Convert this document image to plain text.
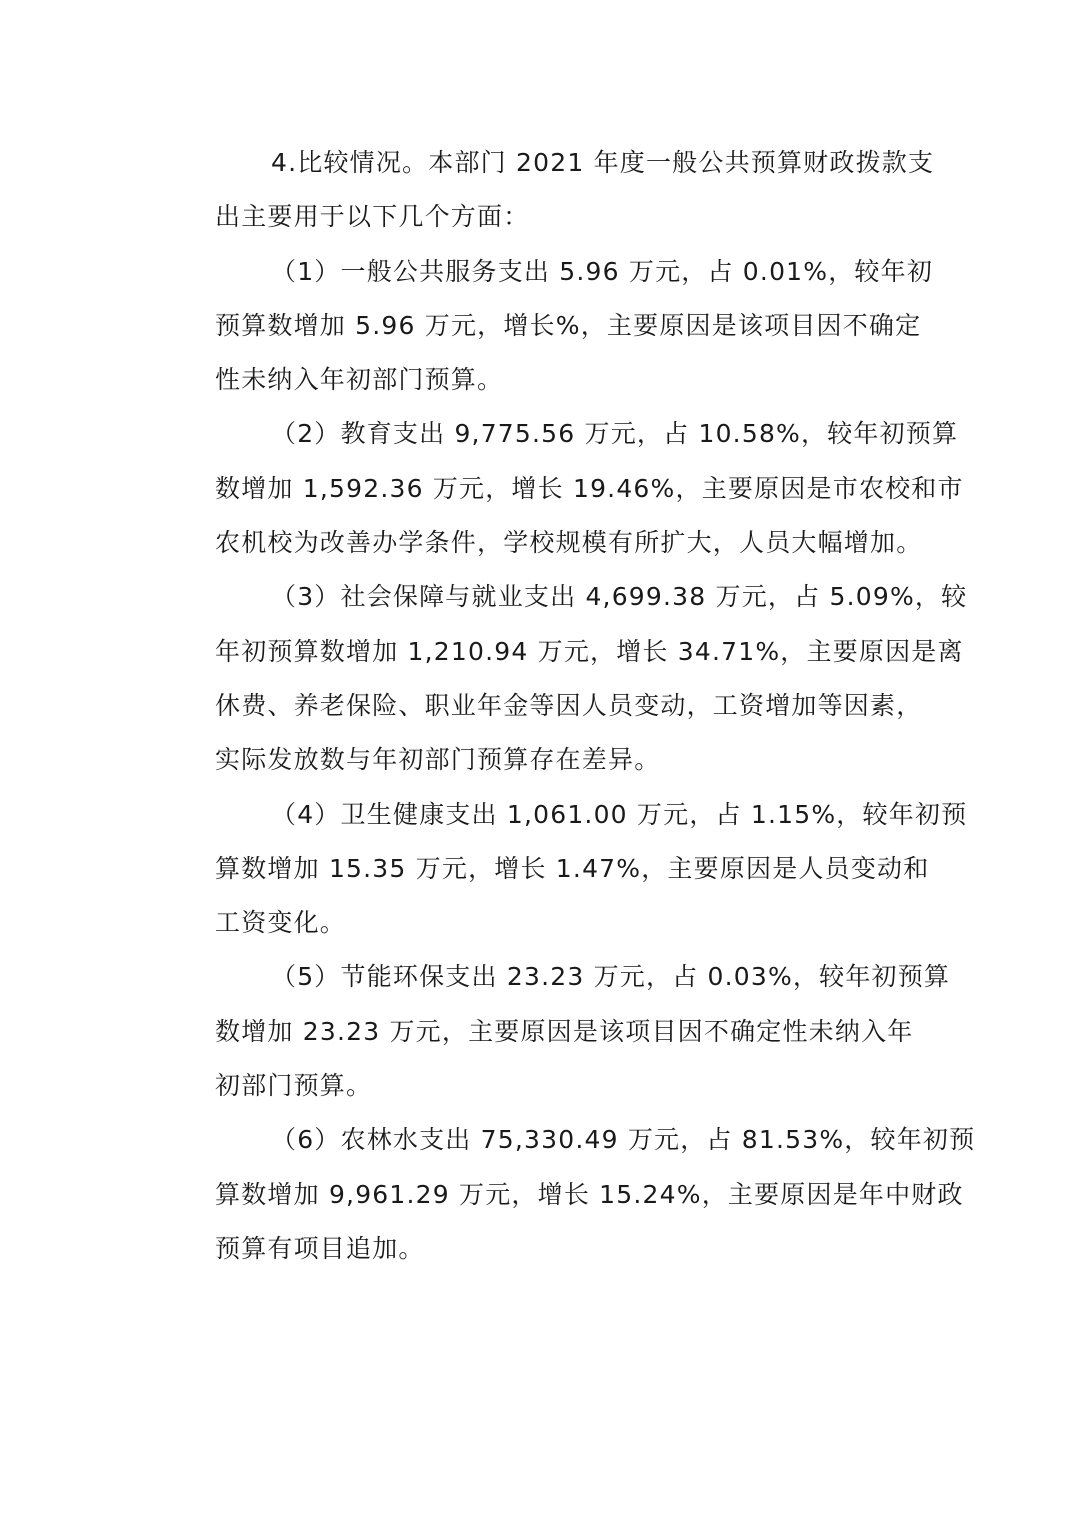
4.比较情况。本部门 2021 年度一般公共预算财政拨款支
出主要用于以下几个方面：
（1）一般公共服务支出 5.96 万元，占 0.01%，较年初
预算数增加 5.96 万元，增长%，主要原因是该项目因不确定
性未纳入年初部门预算。
（2）教育支出 9,775.56 万元，占 10.58%，较年初预算
数增加 1,592.36 万元，增长 19.46%，主要原因是市农校和市
农机校为改善办学条件，学校规模有所扩大，人员大幅增加。
（3）社会保障与就业支出 4,699.38 万元，占 5.09%，较
年初预算数增加 1,210.94 万元，增长 34.71%，主要原因是离
休费、养老保险、职业年金等因人员变动，工资增加等因素，
实际发放数与年初部门预算存在差异。
（4）卫生健康支出 1,061.00 万元，占 1.15%，较年初预
算数增加 15.35 万元，增长 1.47%，主要原因是人员变动和
工资变化。
（5）节能环保支出 23.23 万元，占 0.03%，较年初预算
数增加 23.23 万元，主要原因是该项目因不确定性未纳入年
初部门预算。
（6）农林水支出 75,330.49 万元，占 81.53%，较年初预
算数增加 9,961.29 万元，增长 15.24%，主要原因是年中财政
预算有项目追加。
